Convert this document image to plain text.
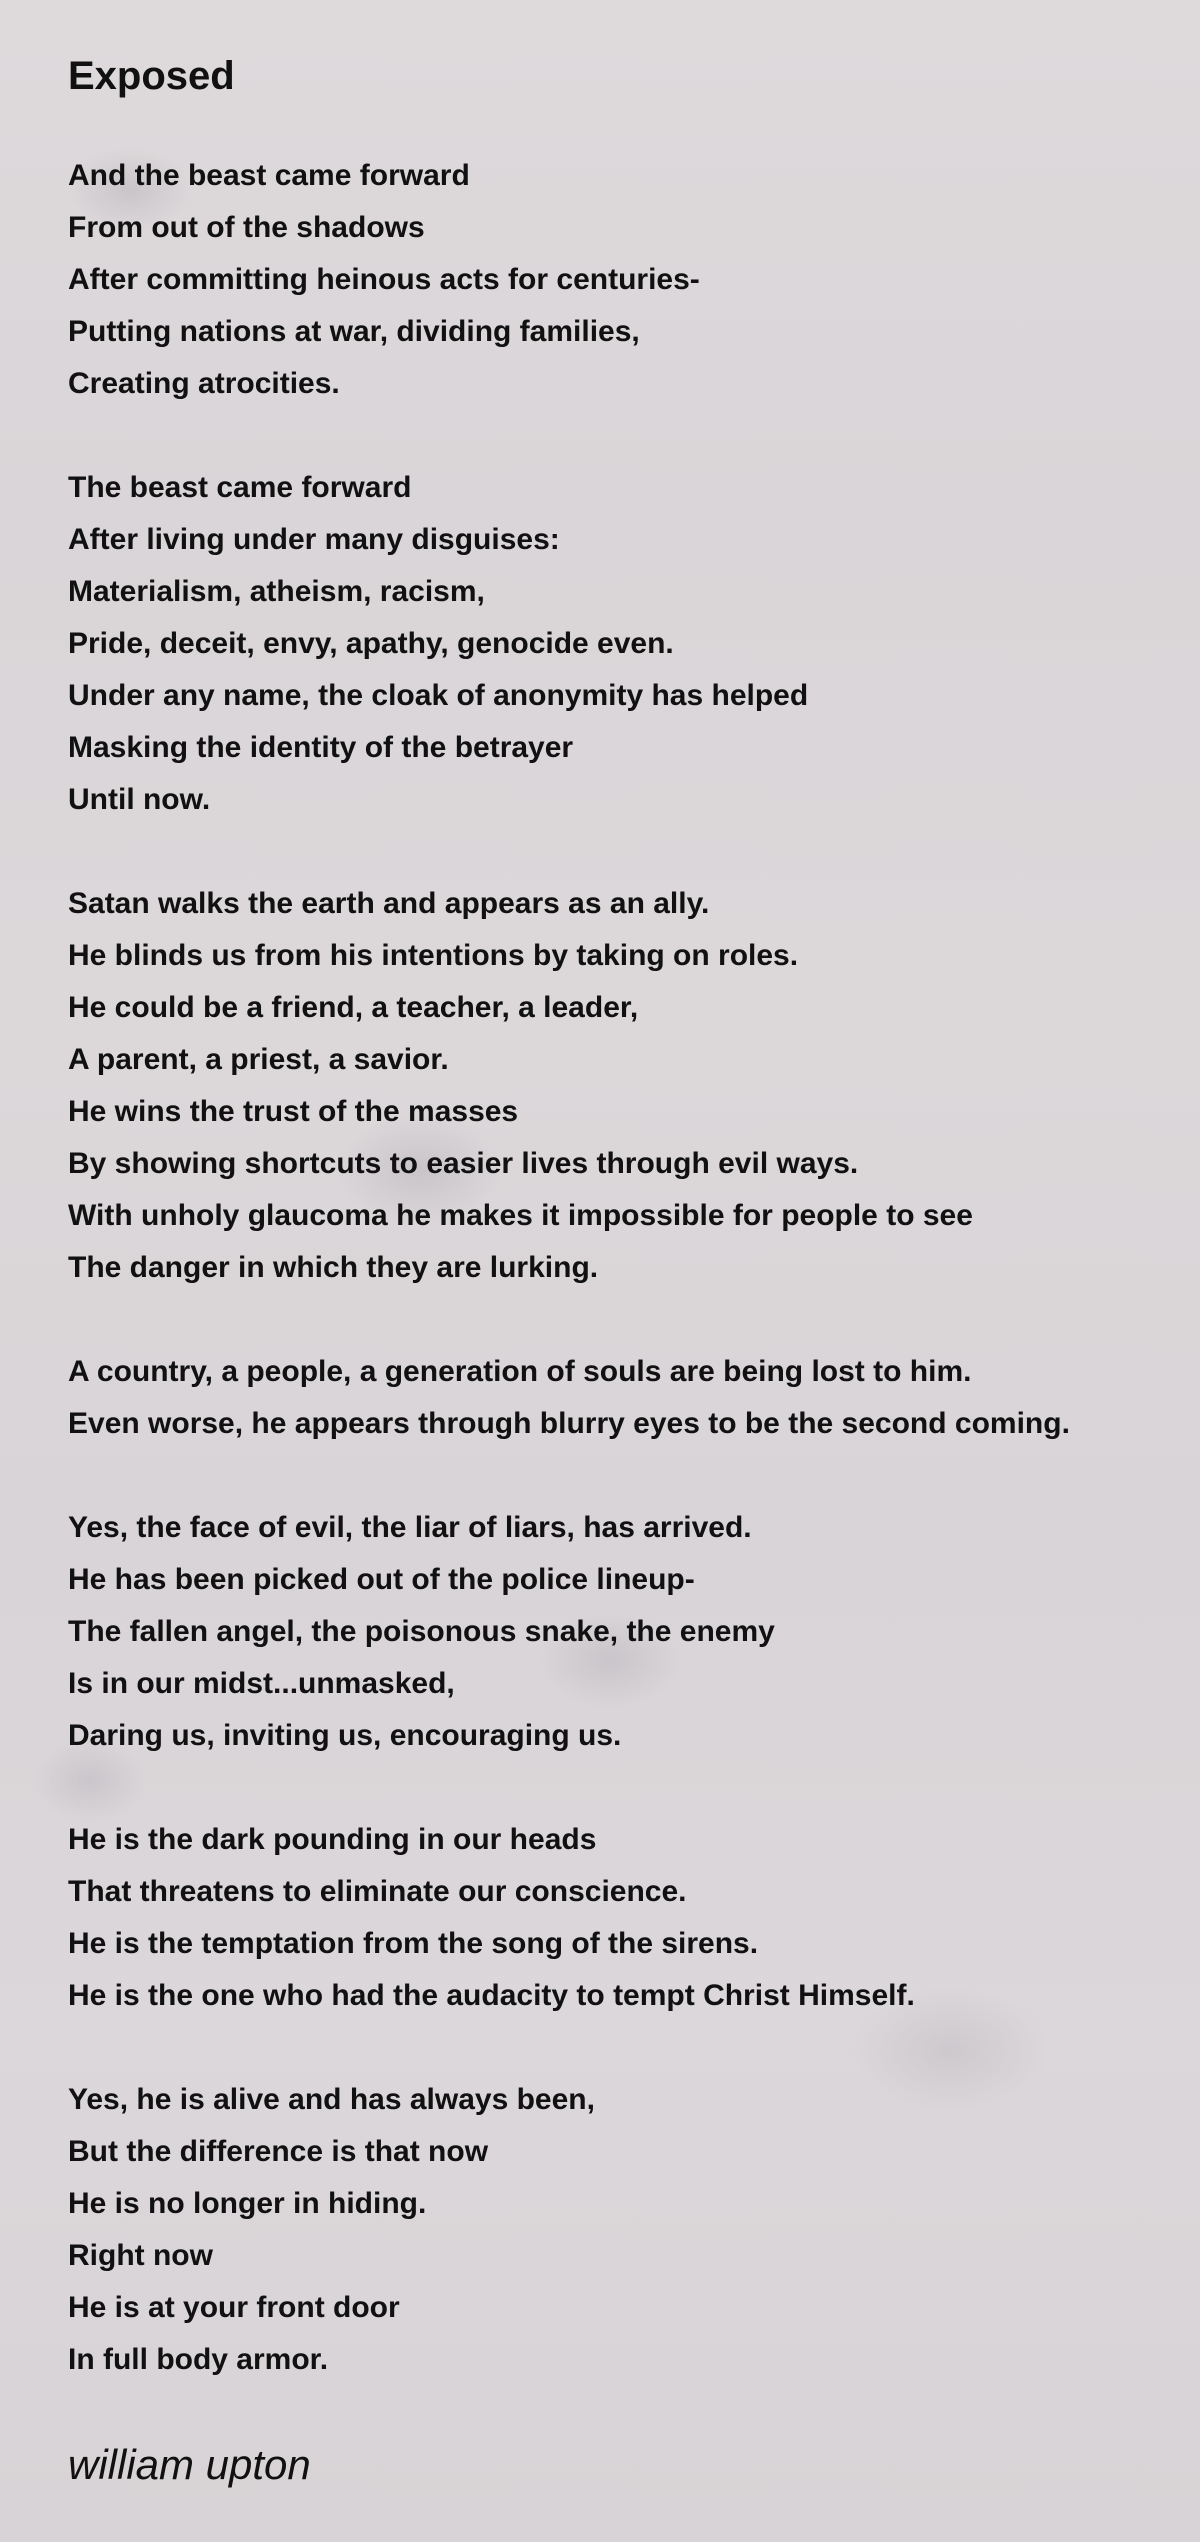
Exposed
And the beast came forward
From out of the shadows
After committing heinous acts for centuries-
Putting nations at war, dividing families,
Creating atrocities.
The beast came forward
After living under many disguises:
Materialism, atheism, racism,
Pride, deceit, envy, apathy, genocide even.
Under any name, the cloak of anonymity has helped
Masking the identity of the betrayer
Until now.
Satan walks the earth and appears as an ally.
He blinds us from his intentions by taking on roles.
He could be a friend, a teacher, a leader,
A parent, a priest, a savior.
He wins the trust of the masses
By showing shortcuts to easier lives through evil ways.
With unholy glaucoma he makes it impossible for people to see
The danger in which they are lurking.
A country, a people, a generation of souls are being lost to him.
Even worse, he appears through blurry eyes to be the second coming.
Yes, the face of evil, the liar of liars, has arrived.
He has been picked out of the police lineup-
The fallen angel, the poisonous snake, the enemy
Is in our midst...unmasked,
Daring us, inviting us, encouraging us.
He is the dark pounding in our heads
That threatens to eliminate our conscience.
He is the temptation from the song of the sirens.
He is the one who had the audacity to tempt Christ Himself.
Yes, he is alive and has always been,
But the difference is that now
He is no longer in hiding.
Right now
He is at your front door
In full body armor.
william upton
